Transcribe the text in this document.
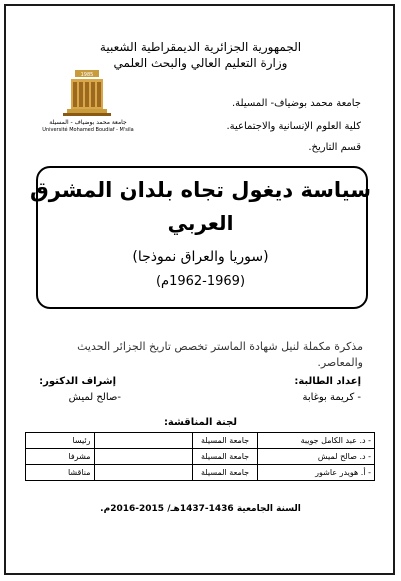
الجمهورية الجزائرية الديمقراطية الشعبية
وزارة التعليم العالي والبحث العلمي
1985
جامعة محمد بوضياف - المسيلة
Université Mohamed Boudiaf - M'sila
جامعة محمد بوضياف- المسيلة.
كلية العلوم الإنسانية والاجتماعية.
قسم التاريخ.
سياسة ديغول تجاه بلدان المشرق
العربي
(سوريا والعراق نموذجا)
(1962-1969م)
مذكرة مكملة لنيل شهادة الماستر تخصص تاريخ الجزائر الحديث
والمعاصر.
إعداد الطالبة:
- كريمة بوغابة
إشراف الدكتور:
-صالح لميش
لجنة المناقشة:
- د. عبد الكامل جويبة	جامعة المسيلة		رئيسا
- د. صالح لميش	جامعة المسيلة		مشرفا
- أ. هويدر عاشور	جامعة المسيلة		مناقشا
السنة الجامعية 1436-1437هـ/ 2015-2016م.
